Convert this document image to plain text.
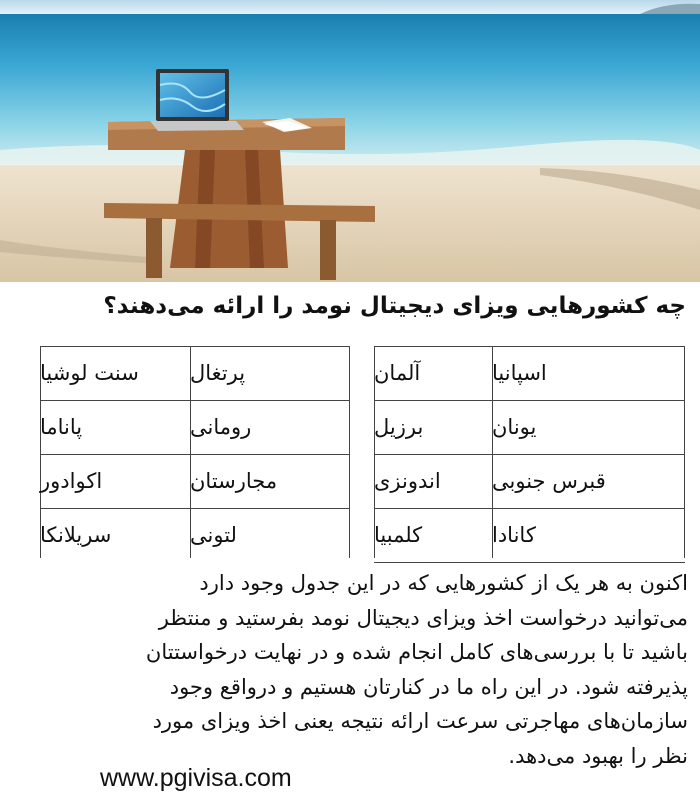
چه کشورهایی ویزای دیجیتال نومد را ارائه می‌دهند؟
اسپانیا
آلمان
یونان
برزیل
قبرس جنوبی
اندونزی
کانادا
کلمبیا
پرتغال
سنت لوشیا
رومانی
پاناما
مجارستان
اکوادور
لتونی
سریلانکا
اکنون به هر یک از کشورهایی که در این جدول وجود دارد
می‌توانید درخواست اخذ ویزای دیجیتال نومد بفرستید و منتظر
باشید تا با بررسی‌های کامل انجام شده و در نهایت درخواستتان
پذیرفته شود. در این راه ما در کنارتان هستیم و درواقع وجود
سازمان‌های مهاجرتی سرعت ارائه نتیجه یعنی اخذ ویزای مورد
نظر را بهبود می‌دهد.
www.pgivisa.com
